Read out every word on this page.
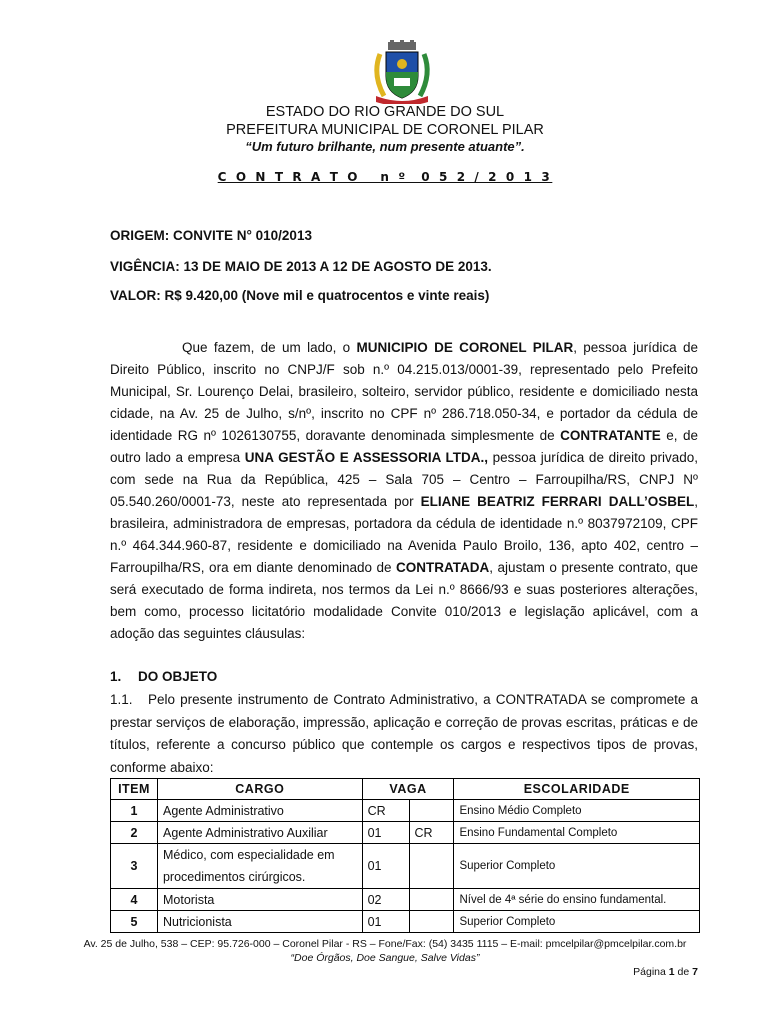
ESTADO DO RIO GRANDE DO SUL
PREFEITURA MUNICIPAL DE CORONEL PILAR
“Um futuro brilhante, num presente atuante”.
C O N T R A T O   n º  0 5 2 / 2 0 1 3
ORIGEM: CONVITE N° 010/2013
VIGÊNCIA: 13 DE MAIO DE 2013 A 12 DE AGOSTO DE 2013.
VALOR: R$ 9.420,00 (Nove mil e quatrocentos e vinte reais)

Que fazem, de um lado, o MUNICIPIO DE CORONEL PILAR, pessoa jurídica de Direito Público, inscrito no CNPJ/F sob n.º 04.215.013/0001-39, representado pelo Prefeito Municipal, Sr. Lourenço Delai, brasileiro, solteiro, servidor público, residente e domiciliado nesta cidade, na Av. 25 de Julho, s/nº, inscrito no CPF nº 286.718.050-34, e portador da cédula de identidade RG nº 1026130755, doravante denominada simplesmente de CONTRATANTE e, de outro lado a empresa UNA GESTÃO E ASSESSORIA LTDA., pessoa jurídica de direito privado, com sede na Rua da República, 425 – Sala 705 – Centro – Farroupilha/RS, CNPJ Nº 05.540.260/0001-73, neste ato representada por ELIANE BEATRIZ FERRARI DALL’OSBEL, brasileira, administradora de empresas, portadora da cédula de identidade n.º 8037972109, CPF n.º 464.344.960-87, residente e domiciliado na Avenida Paulo Broilo, 136, apto 402, centro – Farroupilha/RS, ora em diante denominado de CONTRATADA, ajustam o presente contrato, que será executado de forma indireta, nos termos da Lei n.º 8666/93 e suas posteriores alterações, bem como, processo licitatório modalidade Convite 010/2013 e legislação aplicável, com a adoção das seguintes cláusulas:

1. DO OBJETO
1.1. Pelo presente instrumento de Contrato Administrativo, a CONTRATADA se compromete a prestar serviços de elaboração, impressão, aplicação e correção de provas escritas, práticas e de títulos, referente a concurso público que contemple os cargos e respectivos tipos de provas, conforme abaixo:
ITEM	CARGO	VAGA		ESCOLARIDADE
1	Agente Administrativo	CR		Ensino Médio Completo
2	Agente Administrativo Auxiliar	01	CR	Ensino Fundamental Completo
3	Médico, com especialidade em procedimentos cirúrgicos.	01		Superior Completo
4	Motorista	02		Nível de 4ª série do ensino fundamental.
5	Nutricionista	01		Superior Completo
Av. 25 de Julho, 538 – CEP: 95.726-000 – Coronel Pilar - RS – Fone/Fax: (54) 3435 1115 – E-mail: pmcelpilar@pmcelpilar.com.br
“Doe Órgãos, Doe Sangue, Salve Vidas”
Página 1 de 7
